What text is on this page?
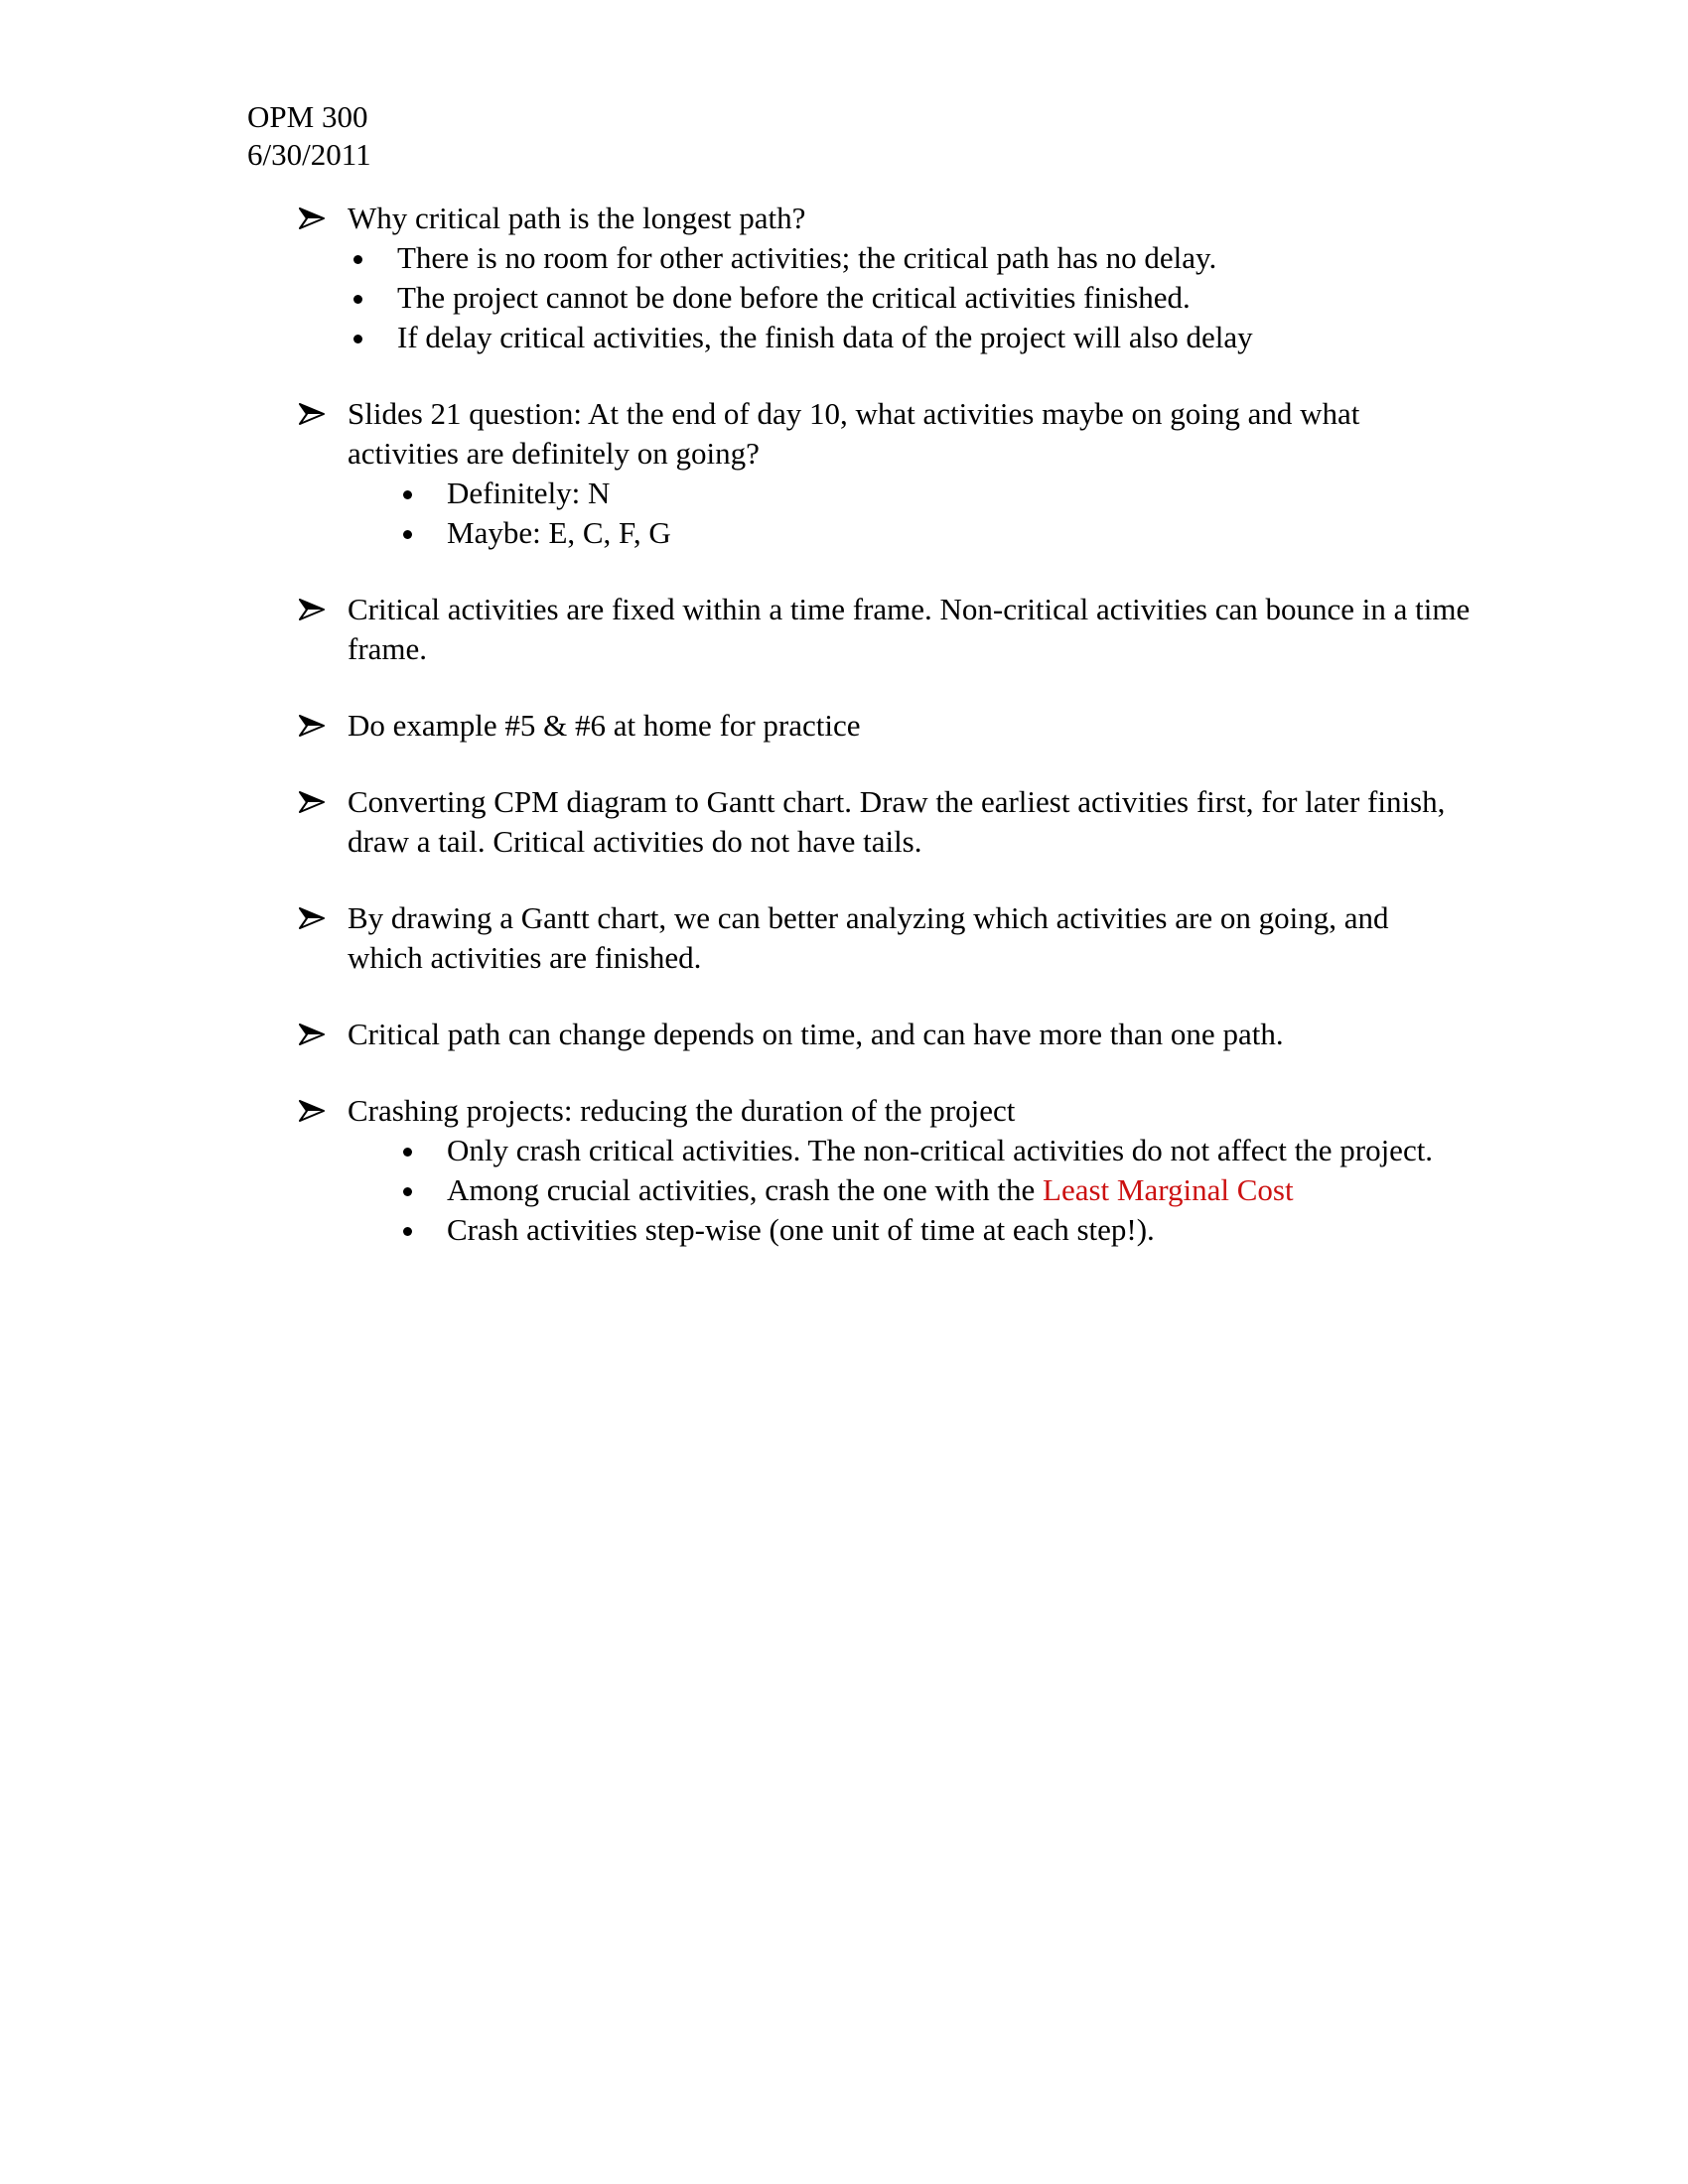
OPM 300
6/30/2011
Why critical path is the longest path?
There is no room for other activities; the critical path has no delay.
The project cannot be done before the critical activities finished.
If delay critical activities, the finish data of the project will also delay
Slides 21 question: At the end of day 10, what activities maybe on going and what activities are definitely on going?
Definitely: N
Maybe: E, C, F, G
Critical activities are fixed within a time frame. Non-critical activities can bounce in a time frame.
Do example #5 & #6 at home for practice
Converting CPM diagram to Gantt chart. Draw the earliest activities first, for later finish, draw a tail. Critical activities do not have tails.
By drawing a Gantt chart, we can better analyzing which activities are on going, and which activities are finished.
Critical path can change depends on time, and can have more than one path.
Crashing projects: reducing the duration of the project
Only crash critical activities. The non-critical activities do not affect the project.
Among crucial activities, crash the one with the Least Marginal Cost
Crash activities step-wise (one unit of time at each step!).
